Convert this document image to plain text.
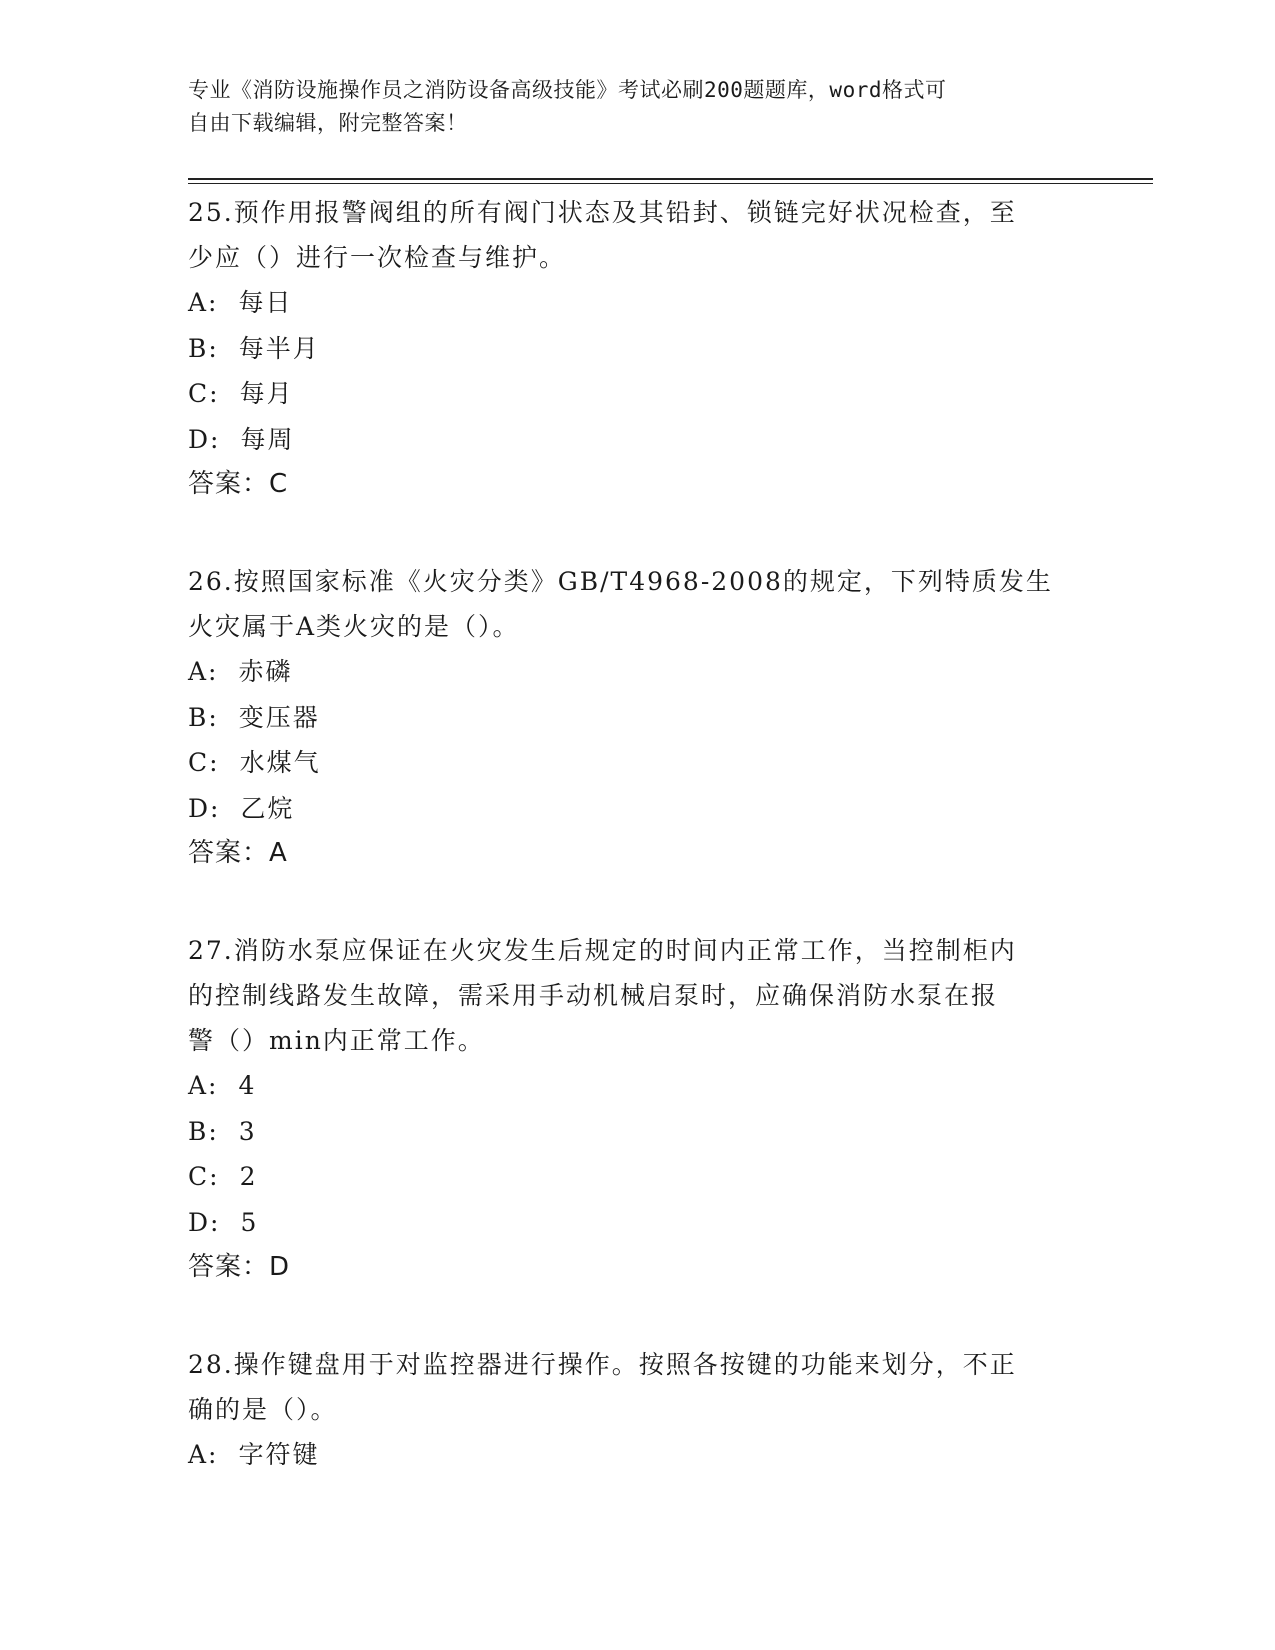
专业《消防设施操作员之消防设备高级技能》考试必刷200题题库，word格式可
自由下载编辑，附完整答案！
25.预作用报警阀组的所有阀门状态及其铅封、锁链完好状况检查，至
少应（）进行一次检查与维护。
A: 每日
B: 每半月
C: 每月
D: 每周
答案：C
26.按照国家标准《火灾分类》GB/T4968-2008的规定，下列特质发生
火灾属于A类火灾的是（）。
A: 赤磷
B: 变压器
C: 水煤气
D: 乙烷
答案：A
27.消防水泵应保证在火灾发生后规定的时间内正常工作，当控制柜内
的控制线路发生故障，需采用手动机械启泵时，应确保消防水泵在报
警（）min内正常工作。
A: 4
B: 3
C: 2
D: 5
答案：D
28.操作键盘用于对监控器进行操作。按照各按键的功能来划分，不正
确的是（）。
A: 字符键
